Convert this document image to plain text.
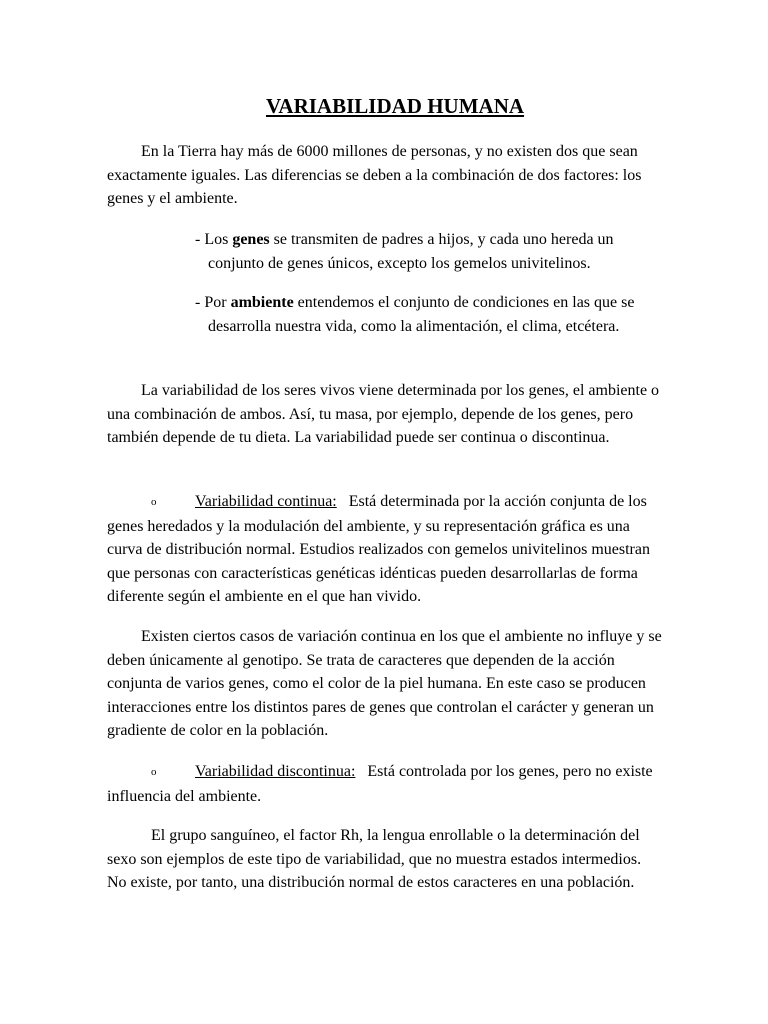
VARIABILIDAD HUMANA

En la Tierra hay más de 6000 millones de personas, y no existen dos que sean exactamente iguales. Las diferencias se deben a la combinación de dos factores: los genes y el ambiente.

- Los genes se transmiten de padres a hijos, y cada uno hereda un conjunto de genes únicos, excepto los gemelos univitelinos.

- Por ambiente entendemos el conjunto de condiciones en las que se desarrolla nuestra vida, como la alimentación, el clima, etcétera.

La variabilidad de los seres vivos viene determinada por los genes, el ambiente o una combinación de ambos. Así, tu masa, por ejemplo, depende de los genes, pero también depende de tu dieta. La variabilidad puede ser continua o discontinua.

o Variabilidad continua: Está determinada por la acción conjunta de los genes heredados y la modulación del ambiente, y su representación gráfica es una curva de distribución normal. Estudios realizados con gemelos univitelinos muestran que personas con características genéticas idénticas pueden desarrollarlas de forma diferente según el ambiente en el que han vivido.

Existen ciertos casos de variación continua en los que el ambiente no influye y se deben únicamente al genotipo. Se trata de caracteres que dependen de la acción conjunta de varios genes, como el color de la piel humana. En este caso se producen interacciones entre los distintos pares de genes que controlan el carácter y generan un gradiente de color en la población.

o Variabilidad discontinua: Está controlada por los genes, pero no existe influencia del ambiente.

El grupo sanguíneo, el factor Rh, la lengua enrollable o la determinación del sexo son ejemplos de este tipo de variabilidad, que no muestra estados intermedios. No existe, por tanto, una distribución normal de estos caracteres en una población.
